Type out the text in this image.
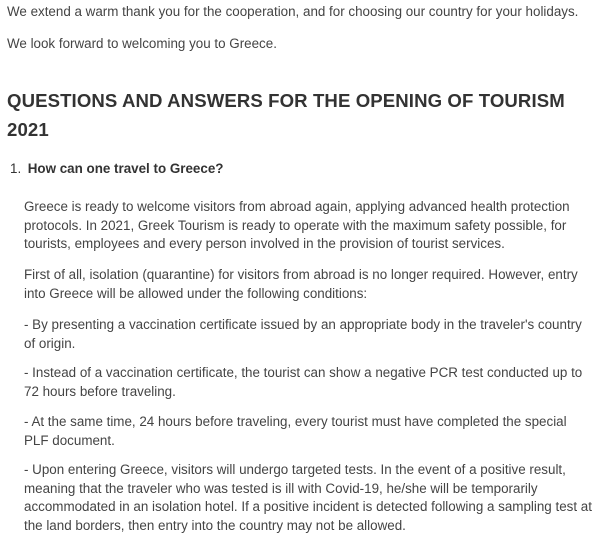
We extend a warm thank you for the cooperation, and for choosing our country for your holidays.

We look forward to welcoming you to Greece.

QUESTIONS AND ANSWERS FOR THE OPENING OF TOURISM 2021
1. How can one travel to Greece?

Greece is ready to welcome visitors from abroad again, applying advanced health protection protocols. In 2021, Greek Tourism is ready to operate with the maximum safety possible, for tourists, employees and every person involved in the provision of tourist services.

First of all, isolation (quarantine) for visitors from abroad is no longer required. However, entry into Greece will be allowed under the following conditions:

- By presenting a vaccination certificate issued by an appropriate body in the traveler's country of origin.

- Instead of a vaccination certificate, the tourist can show a negative PCR test conducted up to 72 hours before traveling.

- At the same time, 24 hours before traveling, every tourist must have completed the special PLF document.

- Upon entering Greece, visitors will undergo targeted tests. In the event of a positive result, meaning that the traveler who was tested is ill with Covid-19, he/she will be temporarily accommodated in an isolation hotel. If a positive incident is detected following a sampling test at the land borders, then entry into the country may not be allowed.
